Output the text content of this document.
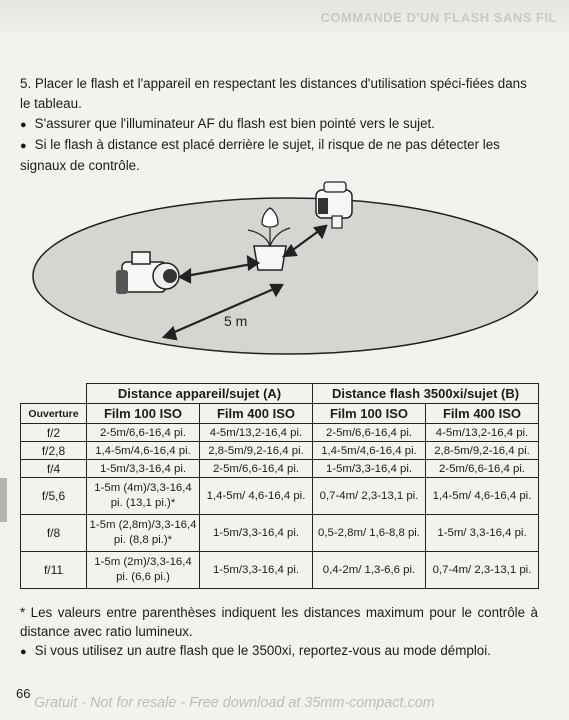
COMMANDE D'UN FLASH SANS FIL

5. Placer le flash et l'appareil en respectant les distances d'utilisation spéci-fiées dans le tableau.

● S'assurer que l'illuminateur AF du flash est bien pointé vers le sujet.

● Si le flash à distance est placé derrière le sujet, il risque de ne pas détecter les signaux de contrôle.

5 m
	Distance appareil/sujet (A)		Distance flash 3500xi/sujet (B)	
Ouverture	Film 100 ISO	Film 400 ISO	Film 100 ISO	Film 400 ISO
f/2	2-5m/6,6-16,4 pi.	4-5m/13,2-16,4 pi.	2-5m/6,6-16,4 pi.	4-5m/13,2-16,4 pi.
f/2,8	1,4-5m/4,6-16,4 pi.	2,8-5m/9,2-16,4 pi.	1,4-5m/4,6-16,4 pi.	2,8-5m/9,2-16,4 pi.
f/4	1-5m/3,3-16,4 pi.	2-5m/6,6-16,4 pi.	1-5m/3,3-16,4 pi.	2-5m/6,6-16,4 pi.
f/5,6	1-5m (4m)/3,3-16,4 pi. (13,1 pi.)*	1,4-5m/ 4,6-16,4 pi.	0,7-4m/ 2,3-13,1 pi.	1,4-5m/ 4,6-16,4 pi.
f/8	1-5m (2,8m)/3,3-16,4 pi. (8,8 pi.)*	1-5m/3,3-16,4 pi.	0,5-2,8m/ 1,6-8,8 pi.	1-5m/ 3,3-16,4 pi.
f/11	1-5m (2m)/3,3-16,4 pi. (6,6 pi.)	1-5m/3,3-16,4 pi.	0,4-2m/ 1,3-6,6 pi.	0,7-4m/ 2,3-13,1 pi.

* Les valeurs entre parenthèses indiquent les distances maximum pour le contrôle à distance avec ratio lumineux.

● Si vous utilisez un autre flash que le 3500xi, reportez-vous au mode démploi.

66
Gratuit - Not for resale - Free download at 35mm-compact.com
